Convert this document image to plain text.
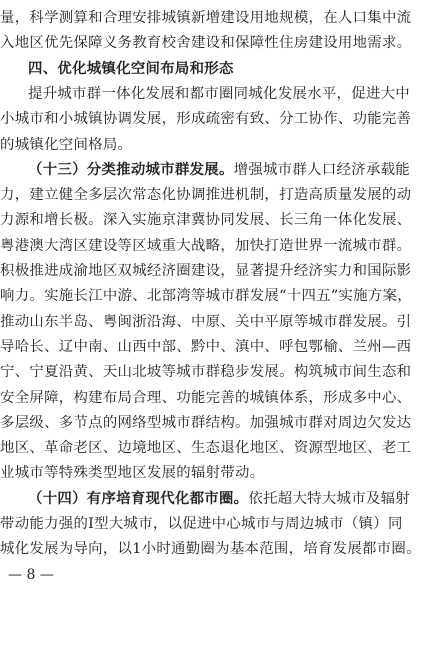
量，科学测算和合理安排城镇新增建设用地规模，在人口集中流
入地区优先保障义务教育校舍建设和保障性住房建设用地需求。
四、优化城镇化空间布局和形态
提升城市群一体化发展和都市圈同城化发展水平，促进大中
小城市和小城镇协调发展，形成疏密有致、分工协作、功能完善
的城镇化空间格局。
（十三）分类推动城市群发展。增强城市群人口经济承载能
力，建立健全多层次常态化协调推进机制，打造高质量发展的动
力源和增长极。深入实施京津冀协同发展、长三角一体化发展、
粤港澳大湾区建设等区域重大战略，加快打造世界一流城市群。
积极推进成渝地区双城经济圈建设，显著提升经济实力和国际影
响力。实施长江中游、北部湾等城市群发展“十四五”实施方案，
推动山东半岛、粤闽浙沿海、中原、关中平原等城市群发展。引
导哈长、辽中南、山西中部、黔中、滇中、呼包鄂榆、兰州—西
宁、宁夏沿黄、天山北坡等城市群稳步发展。构筑城市间生态和
安全屏障，构建布局合理、功能完善的城镇体系，形成多中心、
多层级、多节点的网络型城市群结构。加强城市群对周边欠发达
地区、革命老区、边境地区、生态退化地区、资源型地区、老工
业城市等特殊类型地区发展的辐射带动。
（十四）有序培育现代化都市圈。依托超大特大城市及辐射
带动能力强的Ⅰ型大城市，以促进中心城市与周边城市（镇）同
城化发展为导向，以1小时通勤圈为基本范围，培育发展都市圈。
— 8 —
